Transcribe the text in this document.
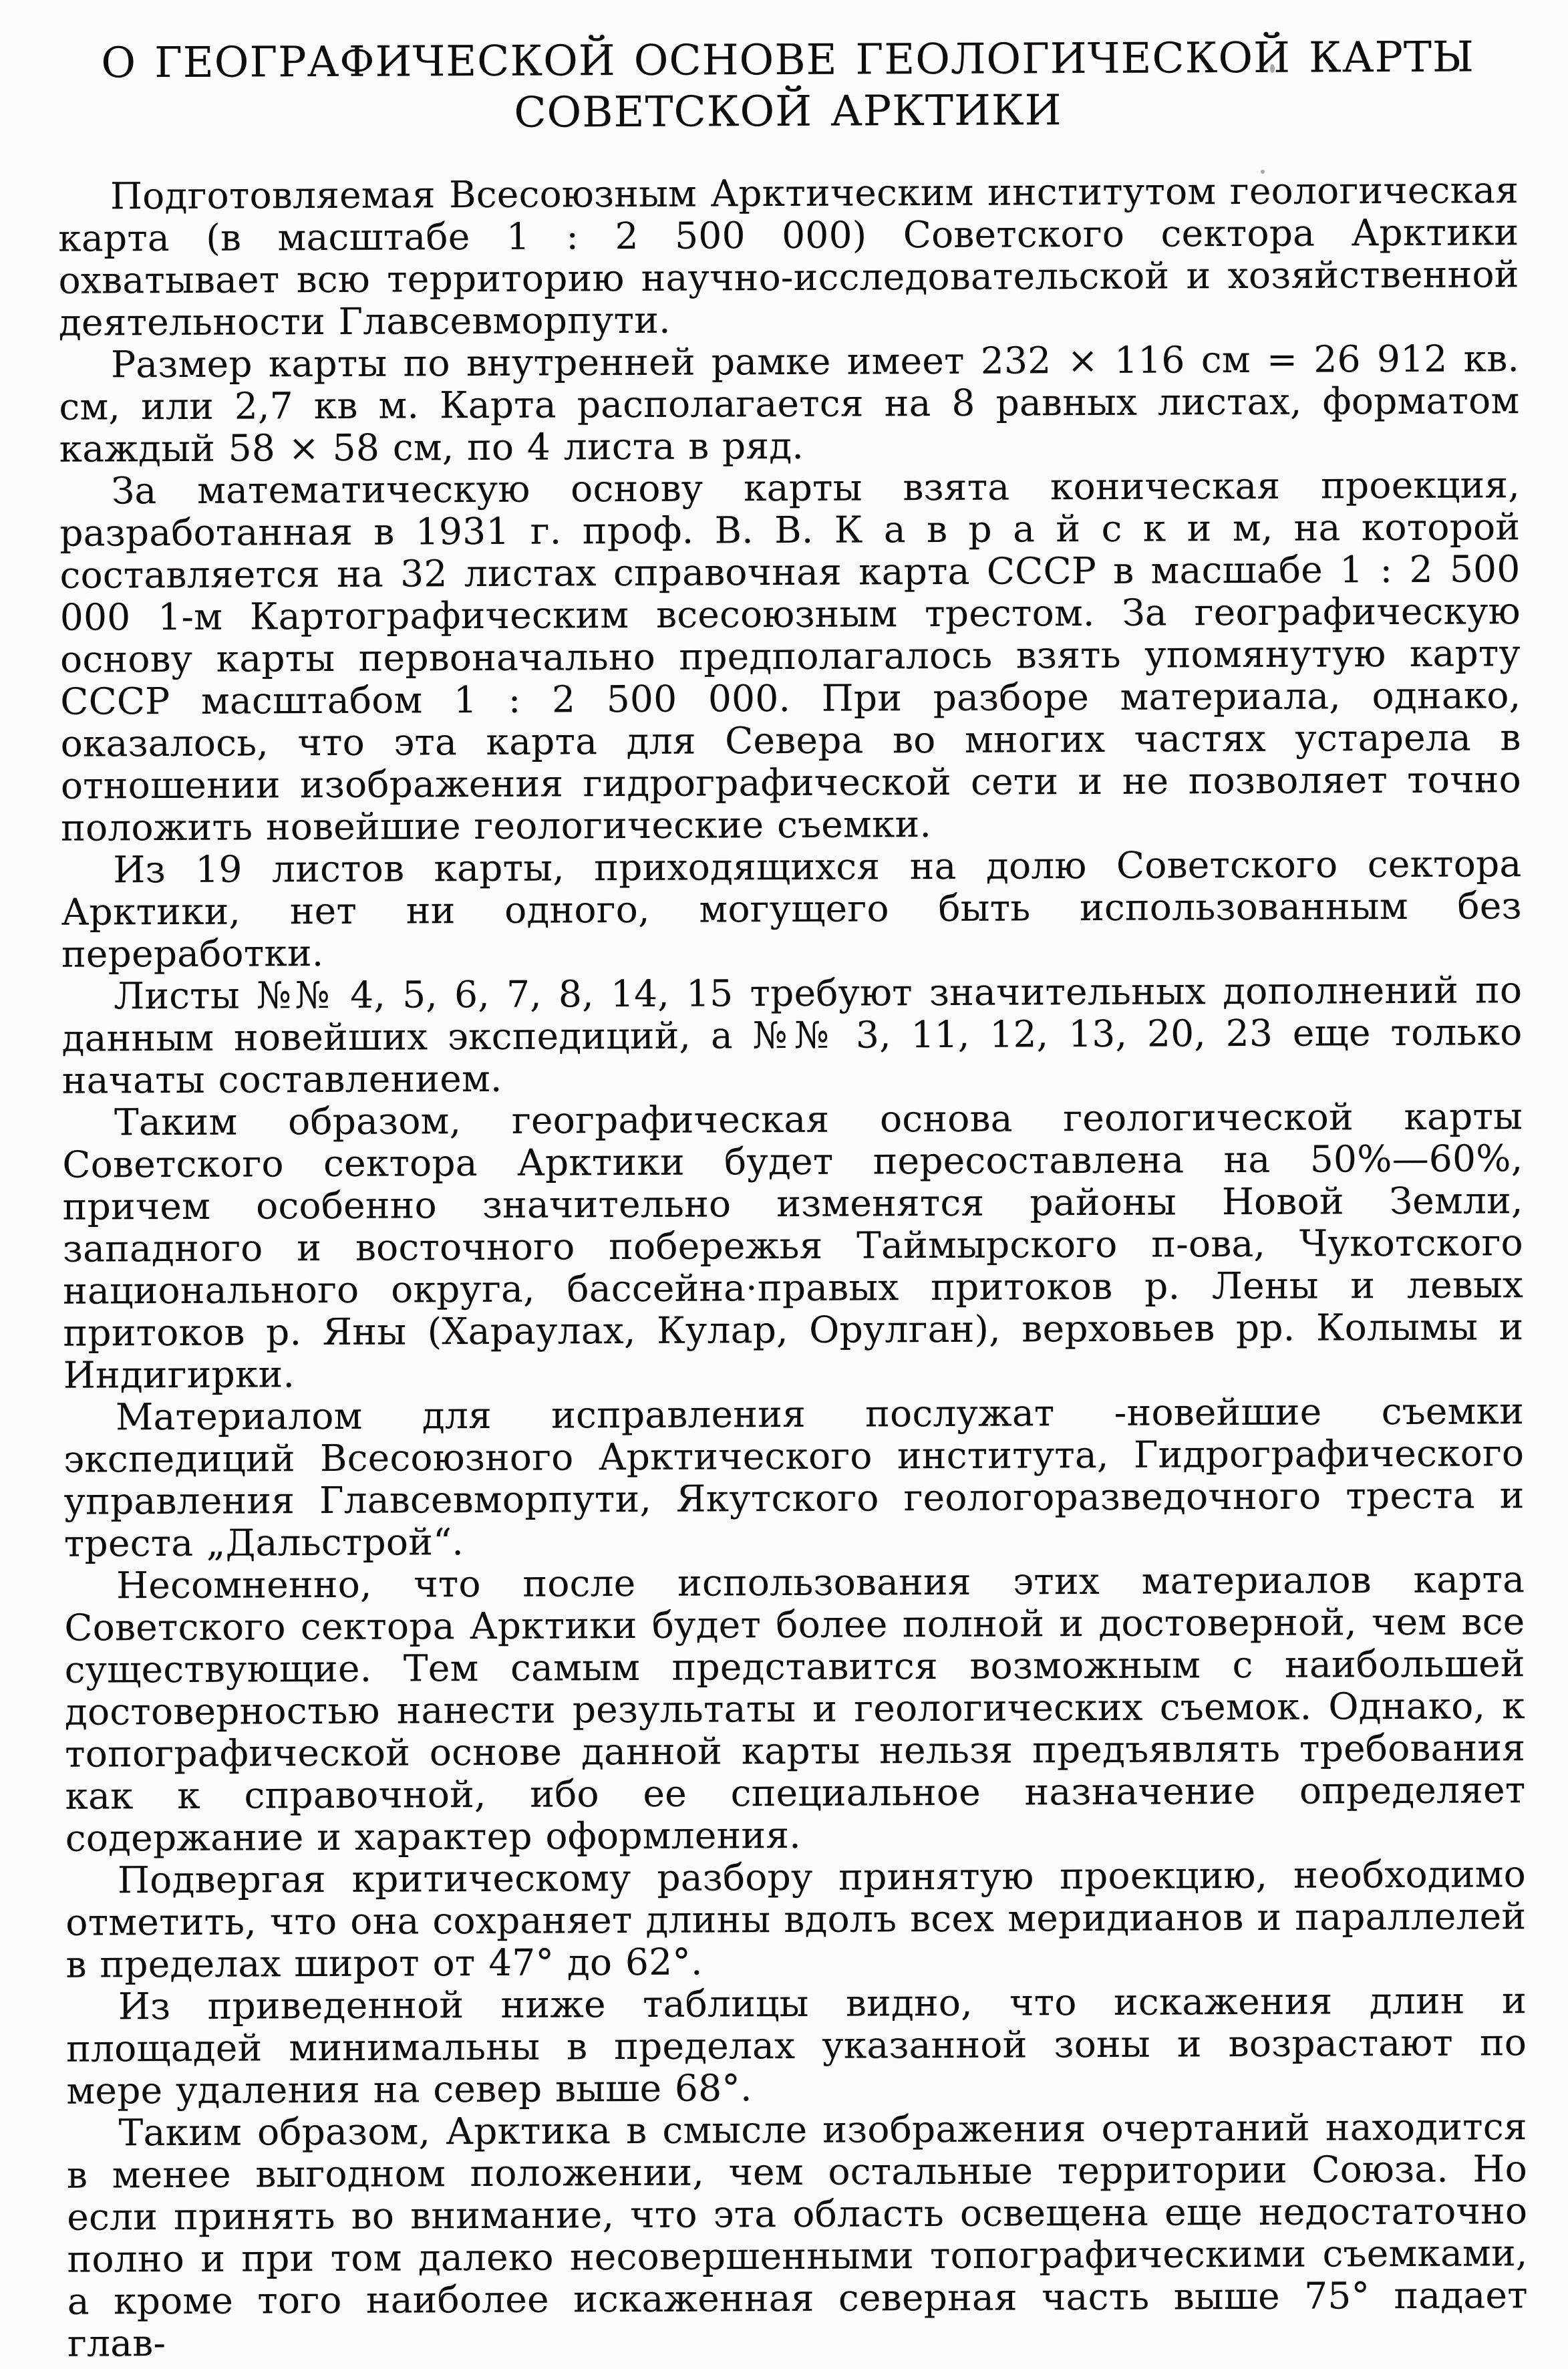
О ГЕОГРАФИЧЕСКОЙ ОСНОВЕ ГЕОЛОГИЧЕСКОЙ КАРТЫ
СОВЕТСКОЙ АРКТИКИ

Подготовляемая Всесоюзным Арктическим институтом геологическая карта (в масштабе 1 : 2 500 000) Советского сектора Арктики охватывает всю территорию научно-исследовательской и хозяйственной деятельности Главсевморпути.

Размер карты по внутренней рамке имеет 232 × 116 см = 26 912 кв. см, или 2,7 кв м. Карта располагается на 8 равных листах, форматом каждый 58 × 58 см, по 4 листа в ряд.

За математическую основу карты взята коническая проекция, разработанная в 1931 г. проф. В. В. К а в р а й с к и м, на которой составляется на 32 листах справочная карта СССР в масшабе 1 : 2 500 000 1-м Картографическим всесоюзным трестом. За географическую основу карты первоначально предполагалось взять упомянутую карту СССР масштабом 1 : 2 500 000. При разборе материала, однако, оказалось, что эта карта для Севера во многих частях устарела в отношении изображения гидрографической сети и не позволяет точно положить новейшие геологические съемки.

Из 19 листов карты, приходящихся на долю Советского сектора Арктики, нет ни одного, могущего быть использованным без переработки.

Листы №№ 4, 5, 6, 7, 8, 14, 15 требуют значительных дополнений по данным новейших экспедиций, а №№ 3, 11, 12, 13, 20, 23 еще только начаты составлением.

Таким образом, географическая основа геологической карты Советского сектора Арктики будет пересоставлена на 50%—60%, причем особенно значительно изменятся районы Новой Земли, западного и восточного побережья Таймырского п-ова, Чукотского национального округа, бассейна·правых притоков р. Лены и левых притоков р. Яны (Хараулах, Кулар, Орулган), верховьев рр. Колымы и Индигирки.

Материалом для исправления послужат -новейшие съемки экспедиций Всесоюзного Арктического института, Гидрографического управления Главсевморпути, Якутского геологоразведочного треста и треста „Дальстрой“.

Несомненно, что после использования этих материалов карта Советского сектора Арктики будет более полной и достоверной, чем все существующие. Тем самым представится возможным с наибольшей достоверностью нанести результаты и геологических съемок. Однако, к топографической основе данной карты нельзя предъявлять требования как к справочной, ибо ее специальное назначение определяет содержание и характер оформления.

Подвергая критическому разбору принятую проекцию, необходимо отметить, что она сохраняет длины вдолъ всех меридианов и параллелей в пределах широт от 47° до 62°.

Из приведенной ниже таблицы видно, что искажения длин и площадей минимальны в пределах указанной зоны и возрастают по мере удаления на север выше 68°.

Таким образом, Арктика в смысле изображения очертаний находится в менее выгодном положении, чем остальные территории Союза. Но если принять во внимание, что эта область освещена еще недостаточно полно и при том далеко несовершенными топографическими съемками, а кроме того наиболее искаженная северная часть выше 75° падает глав-
